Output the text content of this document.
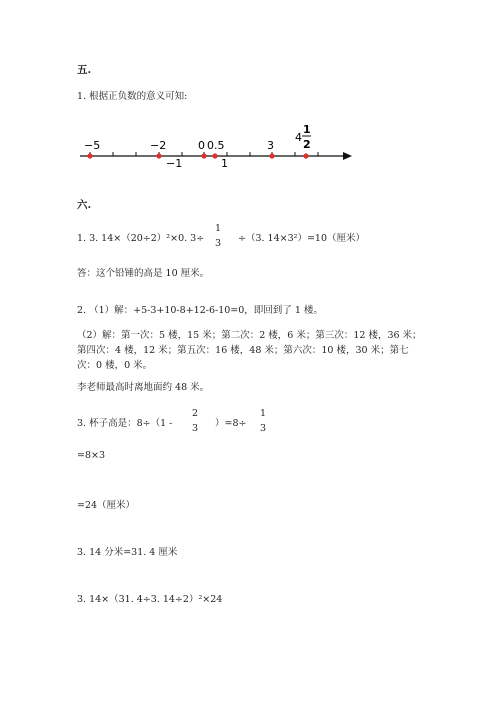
五.
1. 根据正负数的意义可知:
−5	−2	0 0.5	3
−1	1
4
1
2
六.
1. 3. 14×（20÷2）²×0. 3÷
1
3	÷（3. 14×3²）=10（厘米）
答：这个铅锤的高是 10 厘米。
2. （1）解：+5-3+10-8+12-6-10=0，即回到了 1 楼。
（2）解：第一次：5 楼，15 米；第二次：2 楼，6 米；第三次：12 楼，36 米；
第四次：4 楼，12 米；第五次：16 楼，48 米；第六次：10 楼，30 米；第七
次：0 楼，0 米。
李老师最高时离地面约 48 米。
3. 杯子高是：8÷（1 -
2
3	）=8÷
1
3
=8×3
=24（厘米）
3. 14 分米=31. 4 厘米
3. 14×（31. 4÷3. 14÷2）²×24
